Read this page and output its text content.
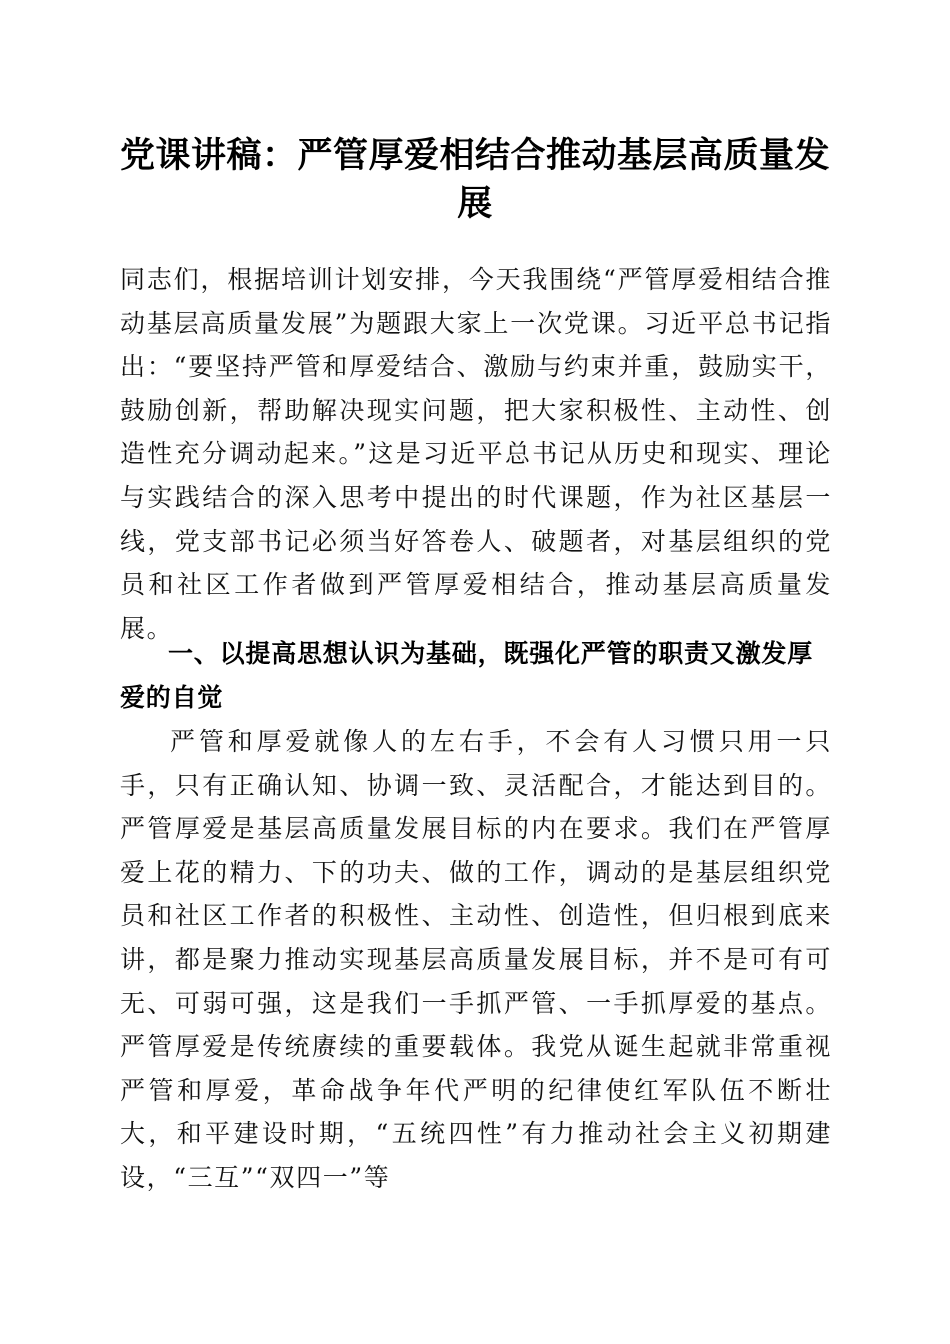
党课讲稿：严管厚爱相结合推动基层高质量发展

同志们，根据培训计划安排，今天我围绕“严管厚爱相结合推动基层高质量发展”为题跟大家上一次党课。习近平总书记指出：“要坚持严管和厚爱结合、激励与约束并重，鼓励实干，鼓励创新，帮助解决现实问题，把大家积极性、主动性、创造性充分调动起来。”这是习近平总书记从历史和现实、理论与实践结合的深入思考中提出的时代课题，作为社区基层一线，党支部书记必须当好答卷人、破题者，对基层组织的党员和社区工作者做到严管厚爱相结合，推动基层高质量发展。

一、以提高思想认识为基础，既强化严管的职责又激发厚爱的自觉

严管和厚爱就像人的左右手，不会有人习惯只用一只手，只有正确认知、协调一致、灵活配合，才能达到目的。严管厚爱是基层高质量发展目标的内在要求。我们在严管厚爱上花的精力、下的功夫、做的工作，调动的是基层组织党员和社区工作者的积极性、主动性、创造性，但归根到底来讲，都是聚力推动实现基层高质量发展目标，并不是可有可无、可弱可强，这是我们一手抓严管、一手抓厚爱的基点。严管厚爱是传统赓续的重要载体。我党从诞生起就非常重视严管和厚爱，革命战争年代严明的纪律使红军队伍不断壮大，和平建设时期，“五统四性”有力推动社会主义初期建设，“三互”“双四一”等
